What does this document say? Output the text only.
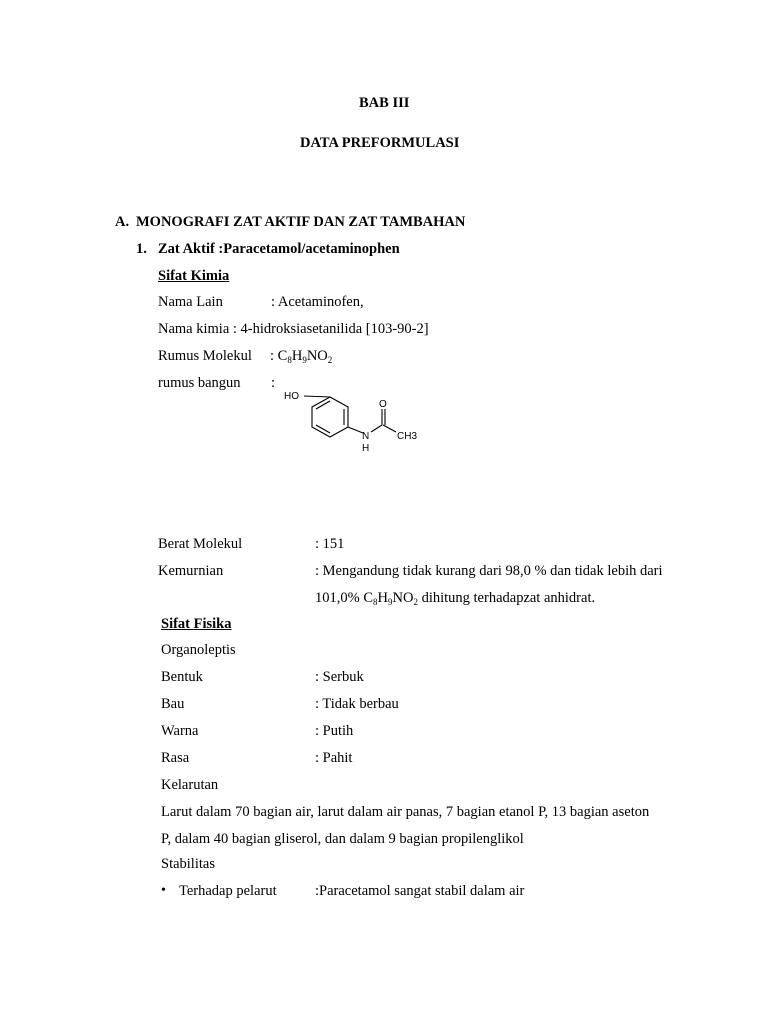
BAB III
DATA PREFORMULASI
A. MONOGRAFI ZAT AKTIF DAN ZAT TAMBAHAN
1. Zat Aktif :Paracetamol/acetaminophen
Sifat Kimia
Nama Lain	: Acetaminofen,
Nama kimia : 4-hidroksiasetanilida [103-90-2]
Rumus Molekul : $C_8H_9NO_2$
rumus bangun :
HO
O
N
H
CH3
Berat Molekul	: 151
Kemurnian	: Mengandung tidak kurang dari 98,0 % dan tidak lebih dari
101,0% $C_8H_9NO_2$ dihitung terhadapzat anhidrat.
Sifat Fisika
Organoleptis
Bentuk	: Serbuk
Bau	: Tidak berbau
Warna	: Putih
Rasa	: Pahit
Kelarutan
Larut dalam 70 bagian air, larut dalam air panas, 7 bagian etanol P, 13 bagian aseton
P, dalam 40 bagian gliserol, dan dalam 9 bagian propilenglikol
Stabilitas
• Terhadap pelarut	:Paracetamol sangat stabil dalam air
